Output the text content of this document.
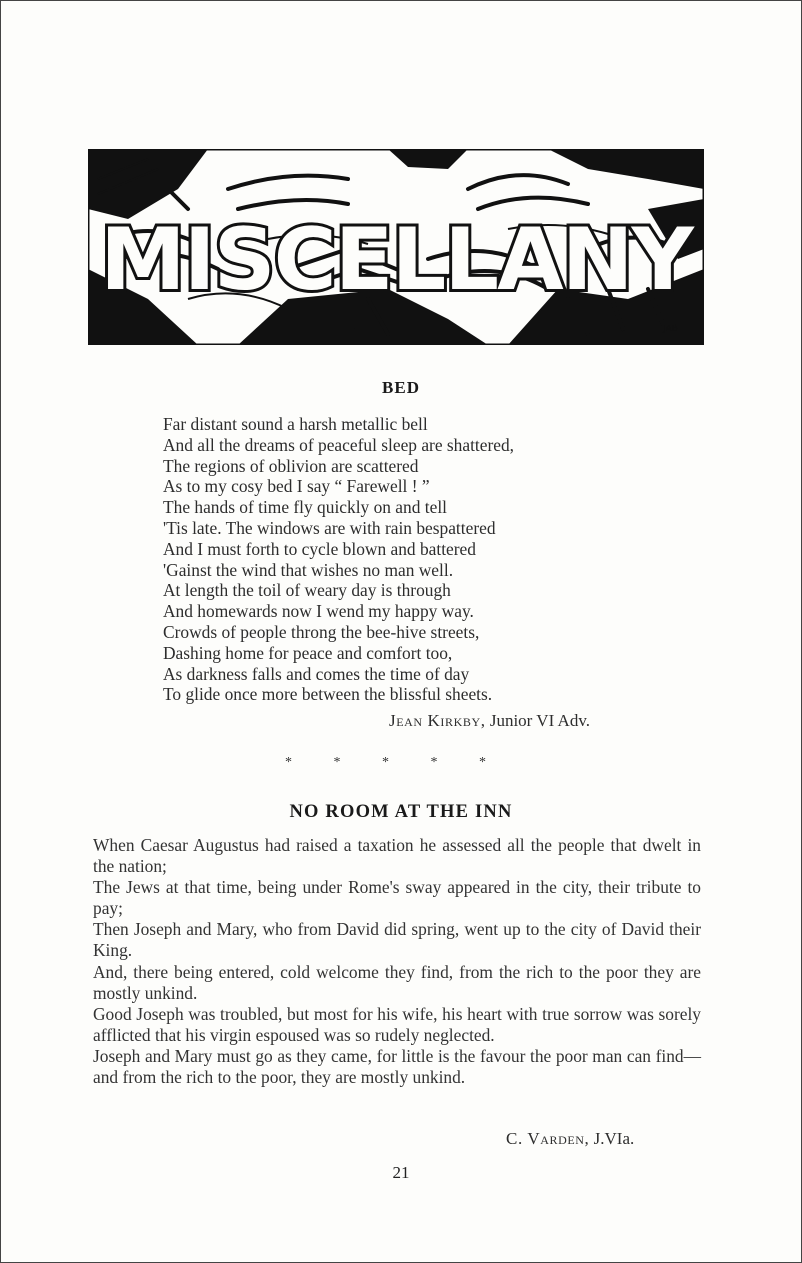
MISCELLANY
JAB
BED
Far distant sound a harsh metallic bell
And all the dreams of peaceful sleep are shattered,
The regions of oblivion are scattered
As to my cosy bed I say “ Farewell ! ”
The hands of time fly quickly on and tell
'Tis late. The windows are with rain bespattered
And I must forth to cycle blown and battered
'Gainst the wind that wishes no man well.
At length the toil of weary day is through
And homewards now I wend my happy way.
Crowds of people throng the bee-hive streets,
Dashing home for peace and comfort too,
As darkness falls and comes the time of day
To glide once more between the blissful sheets.
Jean Kirkby, Junior VI Adv.
* * * * *
NO ROOM AT THE INN
When Caesar Augustus had raised a taxation he assessed all the people that dwelt in the nation;
The Jews at that time, being under Rome's sway appeared in the city, their tribute to pay;
Then Joseph and Mary, who from David did spring, went up to the city of David their King.
And, there being entered, cold welcome they find, from the rich to the poor they are mostly unkind.
Good Joseph was troubled, but most for his wife, his heart with true sorrow was sorely afflicted that his virgin espoused was so rudely neglected.
Joseph and Mary must go as they came, for little is the favour the poor man can find—and from the rich to the poor, they are mostly unkind.
C. Varden, J.VIa.
21
